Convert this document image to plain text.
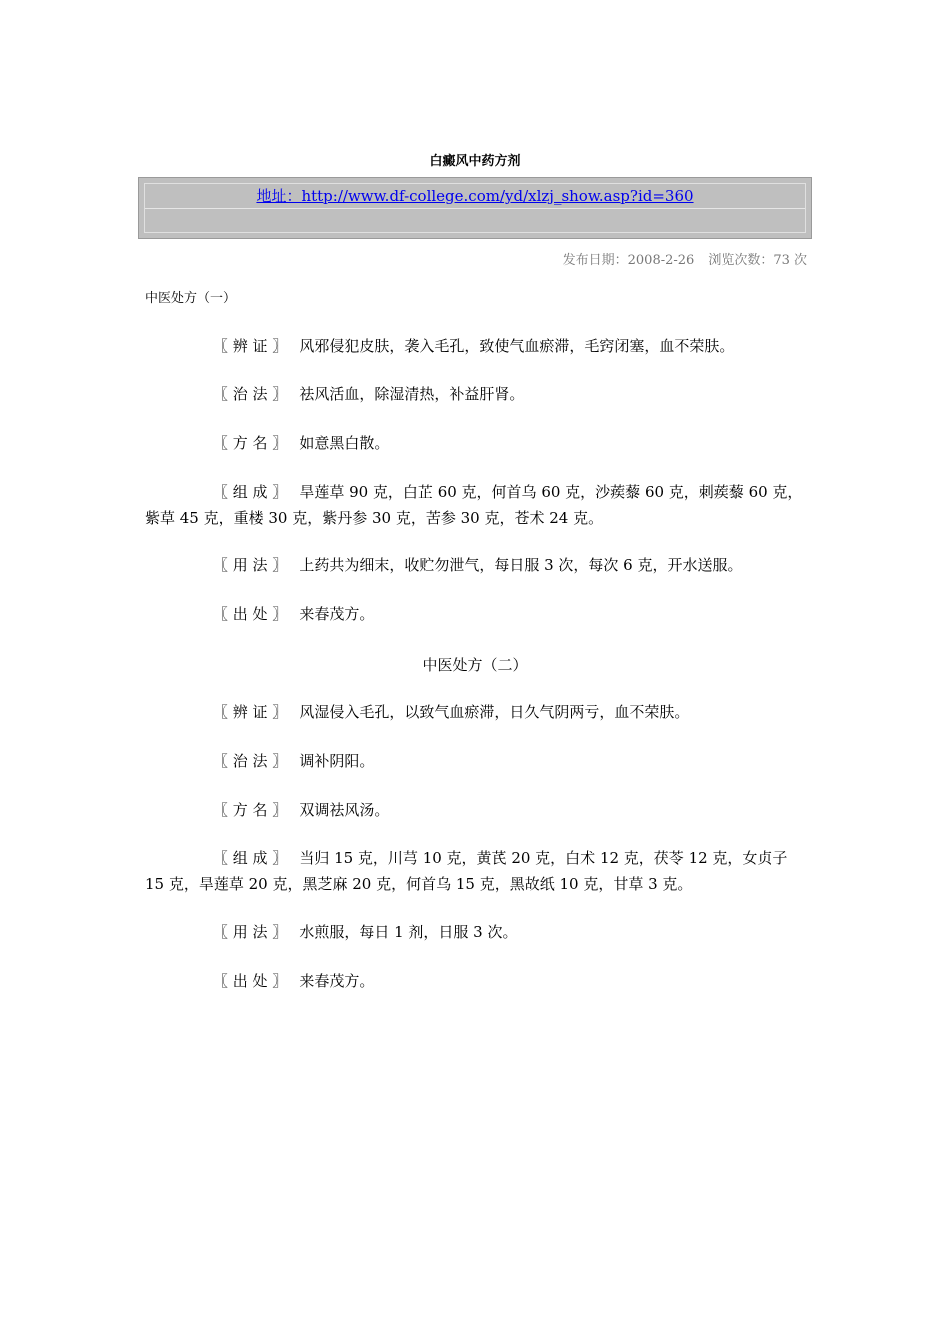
白癜风中药方剂
地址：http://www.df-college.com/yd/xlzj_show.asp?id=360
发布日期：2008-2-26 浏览次数：73 次
中医处方（一）
〖 辨 证 〗 风邪侵犯皮肤，袭入毛孔，致使气血瘀滞，毛窍闭塞，血不荣肤。
〖 治 法 〗 祛风活血，除湿清热，补益肝肾。
〖 方 名 〗 如意黑白散。
〖 组 成 〗 旱莲草 90 克，白芷 60 克，何首乌 60 克，沙蒺藜 60 克，刺蒺藜 60 克，紫草 45 克，重楼 30 克，紫丹参 30 克，苦参 30 克，苍术 24 克。
〖 用 法 〗 上药共为细末，收贮勿泄气，每日服 3 次，每次 6 克，开水送服。
〖 出 处 〗 来春茂方。
中医处方（二）
〖 辨 证 〗 风湿侵入毛孔，以致气血瘀滞，日久气阴两亏，血不荣肤。
〖 治 法 〗 调补阴阳。
〖 方 名 〗 双调祛风汤。
〖 组 成 〗 当归 15 克，川芎 10 克，黄芪 20 克，白术 12 克，茯苓 12 克，女贞子 15 克，旱莲草 20 克，黑芝麻 20 克，何首乌 15 克，黑故纸 10 克，甘草 3 克。
〖 用 法 〗 水煎服，每日 1 剂，日服 3 次。
〖 出 处 〗 来春茂方。
